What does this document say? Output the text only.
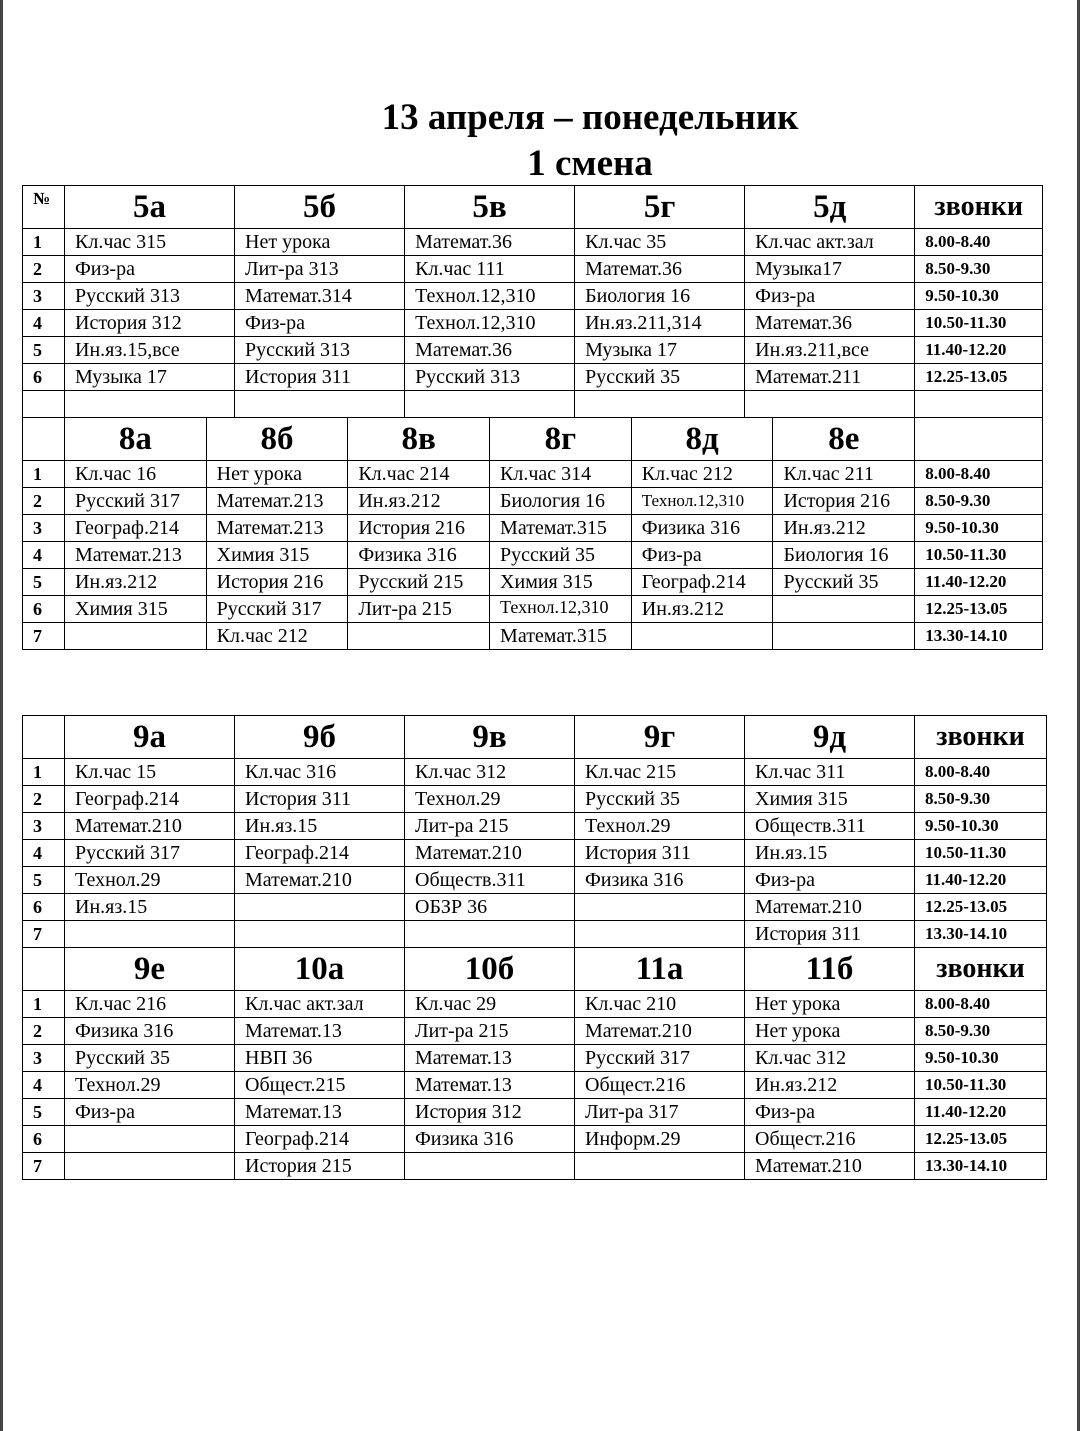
13 апреля – понедельник
1 смена
№	5а		5б		5в		5г		5д		звонки
1	Кл.час 315		Нет урока		Математ.36		Кл.час 35		Кл.час акт.зал		8.00-8.40
2	Физ-ра		Лит-ра 313		Кл.час 111		Математ.36		Музыка17		8.50-9.30
3	Русский 313		Математ.314		Технол.12,310		Биология 16		Физ-ра		9.50-10.30
4	История 312		Физ-ра		Технол.12,310		Ин.яз.211,314		Математ.36		10.50-11.30
5	Ин.яз.15,все		Русский 313		Математ.36		Музыка 17		Ин.яз.211,все		11.40-12.20
6	Музыка 17		История 311		Русский 313		Русский 35		Математ.211		12.25-13.05

	8а	8б		8в		8г		8д		8е	
1	Кл.час 16	Нет урока		Кл.час 214		Кл.час 314		Кл.час 212		Кл.час 211	8.00-8.40
2	Русский 317	Математ.213		Ин.яз.212		Биология 16		Технол.12,310		История 216	8.50-9.30
3	Географ.214	Математ.213		История 216		Математ.315		Физика 316		Ин.яз.212	9.50-10.30
4	Математ.213	Химия 315		Физика 316		Русский 35		Физ-ра		Биология 16	10.50-11.30
5	Ин.яз.212	История 216		Русский 215		Химия 315		Географ.214		Русский 35	11.40-12.20
6	Химия 315	Русский 317		Лит-ра 215		Технол.12,310		Ин.яз.212			12.25-13.05
7		Кл.час 212				Математ.315					13.30-14.10
	9а	9б	9в	9г	9д	звонки
1	Кл.час 15	Кл.час 316	Кл.час 312	Кл.час 215	Кл.час 311	8.00-8.40
2	Географ.214	История 311	Технол.29	Русский 35	Химия 315	8.50-9.30
3	Математ.210	Ин.яз.15	Лит-ра 215	Технол.29	Обществ.311	9.50-10.30
4	Русский 317	Географ.214	Математ.210	История 311	Ин.яз.15	10.50-11.30
5	Технол.29	Математ.210	Обществ.311	Физика 316	Физ-ра	11.40-12.20
6	Ин.яз.15		ОБЗР 36		Математ.210	12.25-13.05
7					История 311	13.30-14.10
	9е	10а	10б	11а	11б	звонки
1	Кл.час 216	Кл.час акт.зал	Кл.час 29	Кл.час 210	Нет урока	8.00-8.40
2	Физика 316	Математ.13	Лит-ра 215	Математ.210	Нет урока	8.50-9.30
3	Русский 35	НВП 36	Математ.13	Русский 317	Кл.час 312	9.50-10.30
4	Технол.29	Общест.215	Математ.13	Общест.216	Ин.яз.212	10.50-11.30
5	Физ-ра	Математ.13	История 312	Лит-ра 317	Физ-ра	11.40-12.20
6		Географ.214	Физика 316	Информ.29	Общест.216	12.25-13.05
7		История 215			Математ.210	13.30-14.10
